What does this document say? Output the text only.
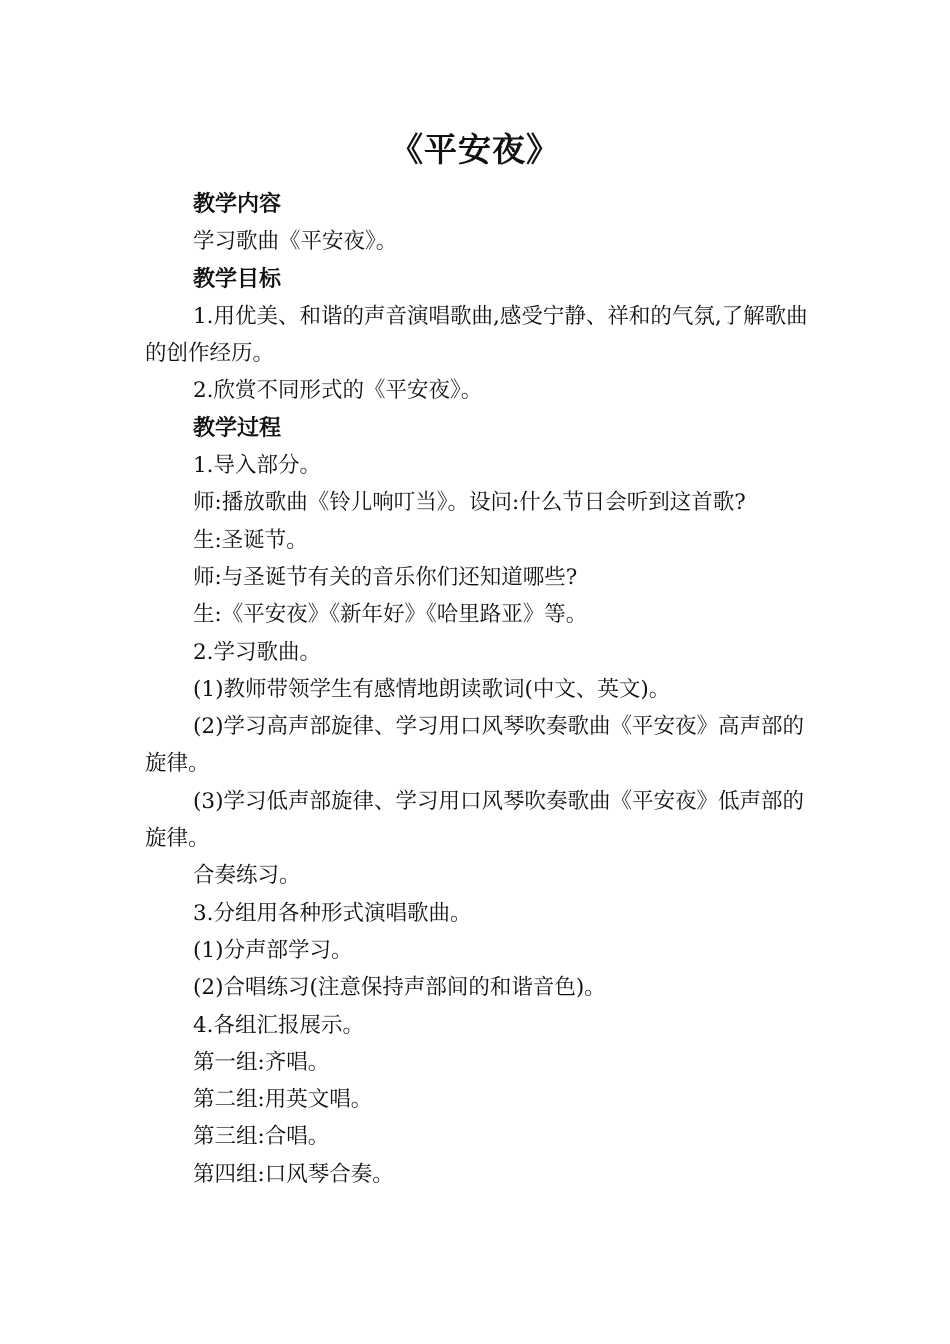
《平安夜》

教学内容

学习歌曲《平安夜》。

教学目标

1.用优美、和谐的声音演唱歌曲,感受宁静、祥和的气氛,了解歌曲的创作经历。

2.欣赏不同形式的《平安夜》。

教学过程

1.导入部分。

师:播放歌曲《铃儿响叮当》。设问:什么节日会听到这首歌?

生:圣诞节。

师:与圣诞节有关的音乐你们还知道哪些?

生:《平安夜》《新年好》《哈里路亚》等。

2.学习歌曲。

(1)教师带领学生有感情地朗读歌词(中文、英文)。

(2)学习高声部旋律、学习用口风琴吹奏歌曲《平安夜》高声部的旋律。

(3)学习低声部旋律、学习用口风琴吹奏歌曲《平安夜》低声部的旋律。

合奏练习。

3.分组用各种形式演唱歌曲。

(1)分声部学习。

(2)合唱练习(注意保持声部间的和谐音色)。

4.各组汇报展示。

第一组:齐唱。

第二组:用英文唱。

第三组:合唱。

第四组:口风琴合奏。
